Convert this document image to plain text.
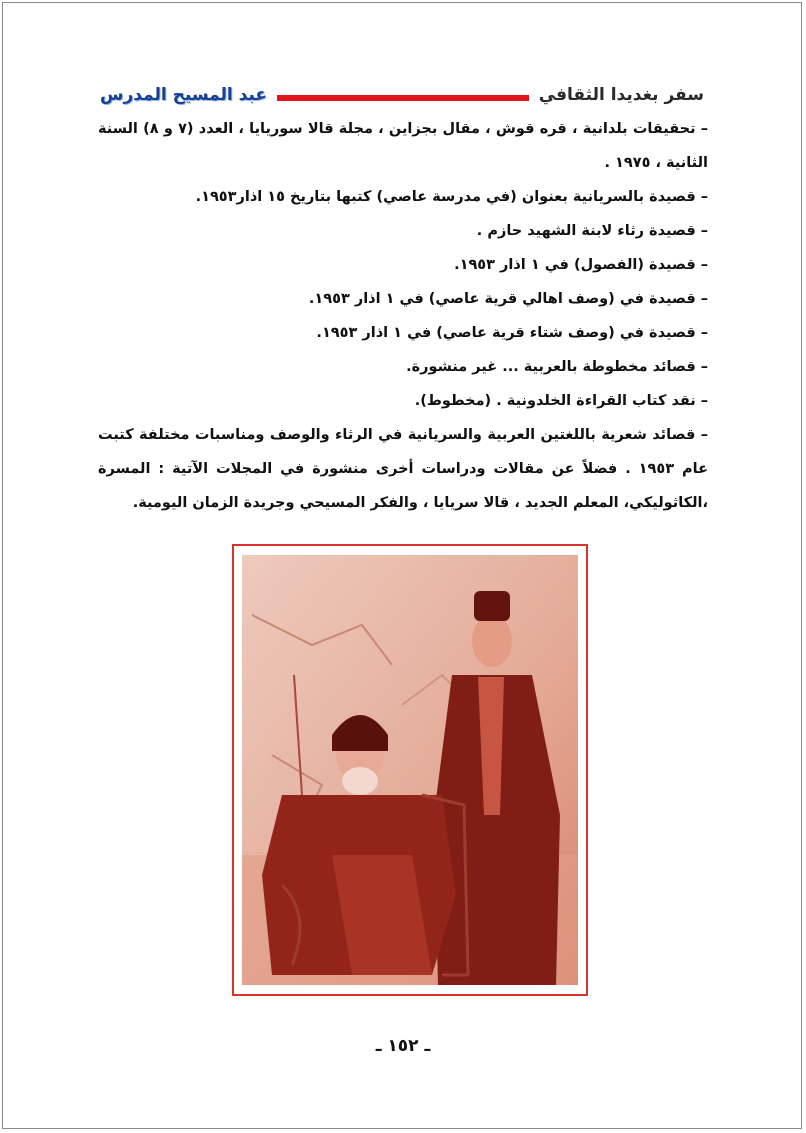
سفر بغديدا الثقافي
عبد المسيح المدرس

– تحقيقات بلدانية ، قره قوش ، مقال بجزاين ، مجلة قالا سوريايا ، العدد (٧ و ٨) السنة الثانية ، ١٩٧٥ .

– قصيدة بالسريانية بعنوان (في مدرسة عاصي) كتبها بتاريخ ١٥ اذار١٩٥٣.

– قصيدة رثاء لابنة الشهيد حازم .

– قصيدة (الفصول) في ١ اذار ١٩٥٣.

– قصيدة في (وصف اهالي قرية عاصي) في ١ اذار ١٩٥٣.

– قصيدة في (وصف شتاء قرية عاصي) في ١ اذار ١٩٥٣.

– قصائد مخطوطة بالعربية ... غير منشورة.

– نقد كتاب القراءة الخلدونية . (مخطوط).

– قصائد شعرية باللغتين العربية والسريانية في الرثاء والوصف ومناسبات مختلفة كتبت عام ١٩٥٣ . فضلاً عن مقالات ودراسات أخرى منشورة في المجلات الآتية : المسرة ،الكاثوليكي، المعلم الجديد ، قالا سريايا ، والفكر المسيحي وجريدة الزمان اليومية.

ـ ١٥٢ ـ
